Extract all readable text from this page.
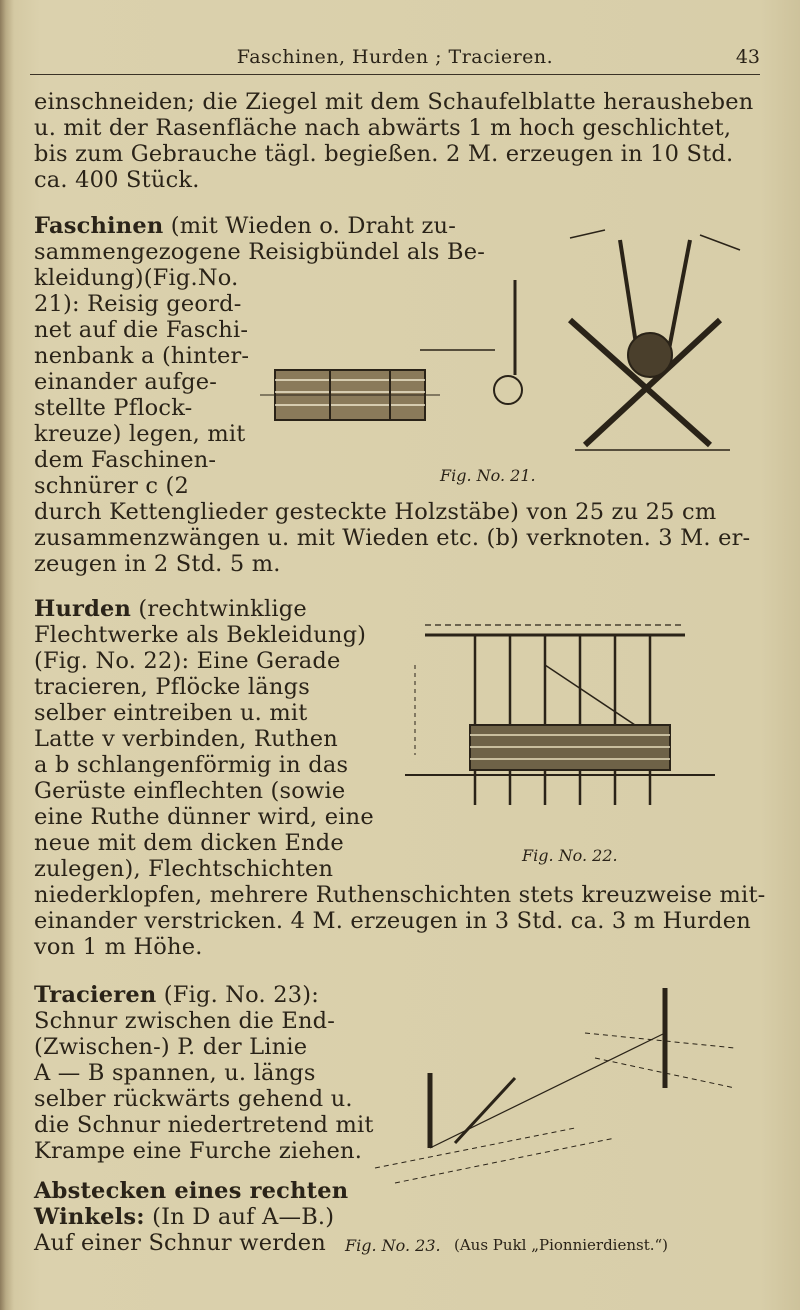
Faschinen, Hurden ; Tracieren.	43

einschneiden; die Ziegel mit dem Schaufelblatte herausheben

u. mit der Rasenfläche nach abwärts 1 m hoch geschlichtet,

bis zum Gebrauche tägl. begießen. 2 M. erzeugen in 10 Std.

ca. 400 Stück.

Faschinen (mit Wieden o. Draht zu-

sammengezogene Reisigbündel als Be-

kleidung)(Fig.No.

21): Reisig geord-

net auf die Faschi-

nenbank a (hinter-

einander aufge-

stellte Pflock-

kreuze) legen, mit

dem Faschinen-

schnürer c (2

durch Kettenglieder gesteckte Holzstäbe) von 25 zu 25 cm

zusammenzwängen u. mit Wieden etc. (b) verknoten. 3 M. er-

zeugen in 2 Std. 5 m.

Fig. No. 21.

Hurden (rechtwinklige

Flechtwerke als Bekleidung)

(Fig. No. 22): Eine Gerade

tracieren, Pflöcke längs

selber eintreiben u. mit

Latte v verbinden, Ruthen

a b schlangenförmig in das

Gerüste einflechten (sowie

eine Ruthe dünner wird, eine

neue mit dem dicken Ende

zulegen), Flechtschichten

niederklopfen, mehrere Ruthenschichten stets kreuzweise mit-

einander verstricken. 4 M. erzeugen in 3 Std. ca. 3 m Hurden

von 1 m Höhe.

Fig. No. 22.

Tracieren (Fig. No. 23):

Schnur zwischen die End-

(Zwischen-) P. der Linie

A — B spannen, u. längs

selber rückwärts gehend u.

die Schnur niedertretend mit

Krampe eine Furche ziehen.

Abstecken eines rechten

Winkels: (In D auf A—B.)

Auf einer Schnur werden Fig. No. 23. (Aus Pukl „Pionnierdienst.“)
